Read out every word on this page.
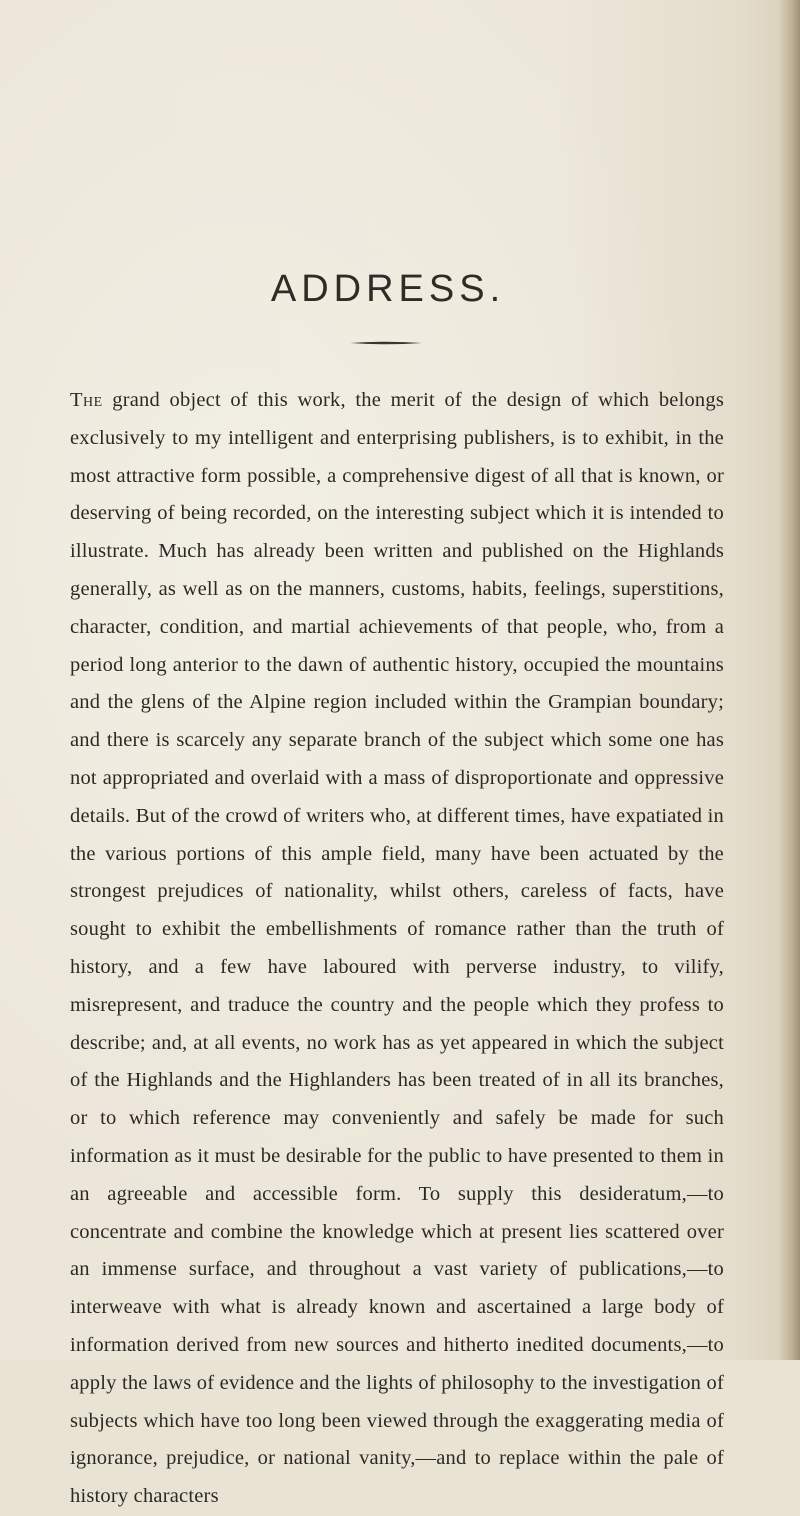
ADDRESS.

The grand object of this work, the merit of the design of which belongs exclusively to my intelligent and enterprising publishers, is to exhibit, in the most attractive form possible, a comprehensive digest of all that is known, or deserving of being recorded, on the interesting subject which it is intended to illustrate. Much has already been written and published on the Highlands generally, as well as on the manners, customs, habits, feelings, superstitions, character, condition, and martial achievements of that people, who, from a period long anterior to the dawn of authentic history, occupied the mountains and the glens of the Alpine region included within the Grampian boundary; and there is scarcely any separate branch of the subject which some one has not appropriated and overlaid with a mass of disproportionate and oppressive details. But of the crowd of writers who, at different times, have expatiated in the various portions of this ample field, many have been actuated by the strongest prejudices of nationality, whilst others, careless of facts, have sought to exhibit the embellishments of romance rather than the truth of history, and a few have laboured with perverse industry, to vilify, misrepresent, and traduce the country and the people which they profess to describe; and, at all events, no work has as yet appeared in which the subject of the Highlands and the Highlanders has been treated of in all its branches, or to which reference may conveniently and safely be made for such information as it must be desirable for the public to have presented to them in an agreeable and accessible form. To supply this desideratum,—to concentrate and combine the knowledge which at present lies scattered over an immense surface, and throughout a vast variety of publications,—to interweave with what is already known and ascertained a large body of information derived from new sources and hitherto inedited documents,—to apply the laws of evidence and the lights of philosophy to the investigation of subjects which have too long been viewed through the exaggerating media of ignorance, prejudice, or national vanity,—and to replace within the pale of history characters
